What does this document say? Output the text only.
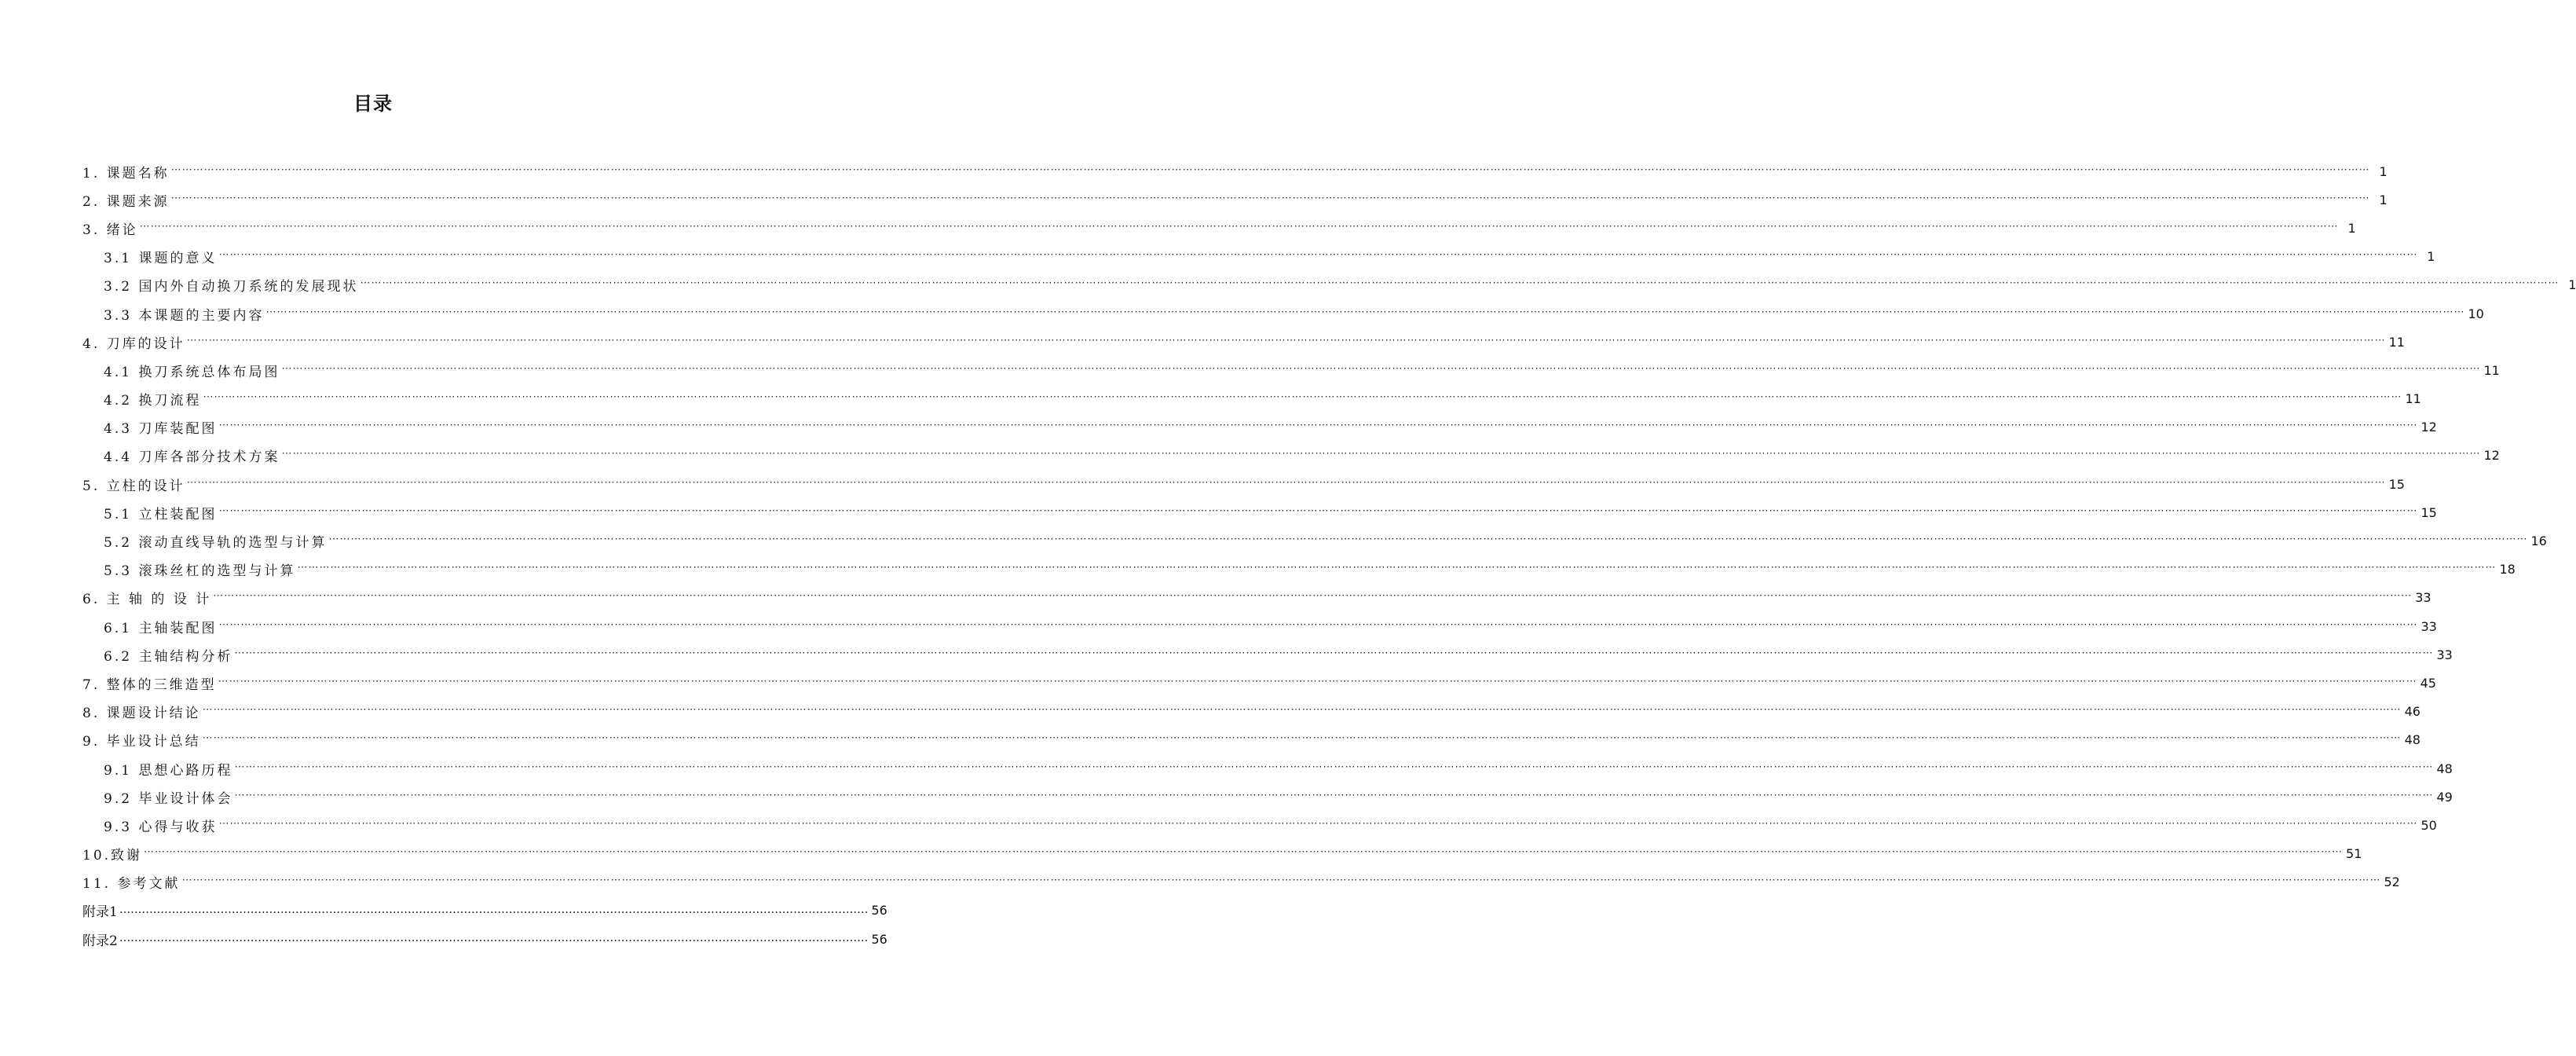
目录
1. 课题名称 ⋯⋯⋯⋯⋯⋯⋯⋯⋯⋯⋯⋯⋯⋯⋯⋯⋯⋯⋯⋯⋯⋯⋯⋯⋯⋯⋯⋯⋯⋯⋯⋯⋯⋯⋯⋯⋯⋯⋯⋯⋯⋯⋯⋯⋯⋯⋯⋯⋯⋯⋯⋯⋯⋯⋯⋯⋯⋯⋯⋯⋯⋯⋯⋯⋯⋯⋯⋯⋯⋯⋯⋯⋯⋯⋯⋯⋯⋯⋯⋯⋯⋯⋯⋯⋯⋯⋯⋯⋯⋯⋯⋯⋯⋯⋯⋯⋯⋯⋯⋯⋯⋯⋯⋯⋯⋯⋯⋯⋯⋯⋯⋯⋯⋯⋯⋯⋯⋯⋯⋯⋯⋯⋯⋯⋯⋯⋯⋯⋯⋯⋯⋯⋯⋯⋯⋯⋯⋯⋯⋯⋯⋯⋯⋯⋯⋯⋯⋯⋯⋯⋯⋯⋯⋯⋯⋯⋯⋯⋯⋯⋯⋯⋯⋯⋯⋯⋯⋯⋯⋯⋯⋯⋯⋯⋯⋯⋯⋯⋯⋯⋯⋯⋯⋯⋯⋯⋯⋯⋯⋯⋯⋯⋯⋯⋯⋯⋯⋯⋯⋯ 1
2. 课题来源 ⋯⋯⋯⋯⋯⋯⋯⋯⋯⋯⋯⋯⋯⋯⋯⋯⋯⋯⋯⋯⋯⋯⋯⋯⋯⋯⋯⋯⋯⋯⋯⋯⋯⋯⋯⋯⋯⋯⋯⋯⋯⋯⋯⋯⋯⋯⋯⋯⋯⋯⋯⋯⋯⋯⋯⋯⋯⋯⋯⋯⋯⋯⋯⋯⋯⋯⋯⋯⋯⋯⋯⋯⋯⋯⋯⋯⋯⋯⋯⋯⋯⋯⋯⋯⋯⋯⋯⋯⋯⋯⋯⋯⋯⋯⋯⋯⋯⋯⋯⋯⋯⋯⋯⋯⋯⋯⋯⋯⋯⋯⋯⋯⋯⋯⋯⋯⋯⋯⋯⋯⋯⋯⋯⋯⋯⋯⋯⋯⋯⋯⋯⋯⋯⋯⋯⋯⋯⋯⋯⋯⋯⋯⋯⋯⋯⋯⋯⋯⋯⋯⋯⋯⋯⋯⋯⋯⋯⋯⋯⋯⋯⋯⋯⋯⋯⋯⋯⋯⋯⋯⋯⋯⋯⋯⋯⋯⋯⋯⋯⋯⋯⋯⋯⋯⋯⋯⋯⋯⋯⋯⋯⋯⋯⋯⋯⋯⋯⋯⋯⋯ 1
3. 绪论 ⋯⋯⋯⋯⋯⋯⋯⋯⋯⋯⋯⋯⋯⋯⋯⋯⋯⋯⋯⋯⋯⋯⋯⋯⋯⋯⋯⋯⋯⋯⋯⋯⋯⋯⋯⋯⋯⋯⋯⋯⋯⋯⋯⋯⋯⋯⋯⋯⋯⋯⋯⋯⋯⋯⋯⋯⋯⋯⋯⋯⋯⋯⋯⋯⋯⋯⋯⋯⋯⋯⋯⋯⋯⋯⋯⋯⋯⋯⋯⋯⋯⋯⋯⋯⋯⋯⋯⋯⋯⋯⋯⋯⋯⋯⋯⋯⋯⋯⋯⋯⋯⋯⋯⋯⋯⋯⋯⋯⋯⋯⋯⋯⋯⋯⋯⋯⋯⋯⋯⋯⋯⋯⋯⋯⋯⋯⋯⋯⋯⋯⋯⋯⋯⋯⋯⋯⋯⋯⋯⋯⋯⋯⋯⋯⋯⋯⋯⋯⋯⋯⋯⋯⋯⋯⋯⋯⋯⋯⋯⋯⋯⋯⋯⋯⋯⋯⋯⋯⋯⋯⋯⋯⋯⋯⋯⋯⋯⋯⋯⋯⋯⋯⋯⋯⋯⋯⋯⋯⋯⋯⋯⋯⋯⋯⋯⋯⋯⋯⋯⋯ 1
3.1 课题的意义 ⋯⋯⋯⋯⋯⋯⋯⋯⋯⋯⋯⋯⋯⋯⋯⋯⋯⋯⋯⋯⋯⋯⋯⋯⋯⋯⋯⋯⋯⋯⋯⋯⋯⋯⋯⋯⋯⋯⋯⋯⋯⋯⋯⋯⋯⋯⋯⋯⋯⋯⋯⋯⋯⋯⋯⋯⋯⋯⋯⋯⋯⋯⋯⋯⋯⋯⋯⋯⋯⋯⋯⋯⋯⋯⋯⋯⋯⋯⋯⋯⋯⋯⋯⋯⋯⋯⋯⋯⋯⋯⋯⋯⋯⋯⋯⋯⋯⋯⋯⋯⋯⋯⋯⋯⋯⋯⋯⋯⋯⋯⋯⋯⋯⋯⋯⋯⋯⋯⋯⋯⋯⋯⋯⋯⋯⋯⋯⋯⋯⋯⋯⋯⋯⋯⋯⋯⋯⋯⋯⋯⋯⋯⋯⋯⋯⋯⋯⋯⋯⋯⋯⋯⋯⋯⋯⋯⋯⋯⋯⋯⋯⋯⋯⋯⋯⋯⋯⋯⋯⋯⋯⋯⋯⋯⋯⋯⋯⋯⋯⋯⋯⋯⋯⋯⋯⋯⋯⋯⋯⋯⋯⋯⋯⋯⋯⋯⋯⋯⋯⋯ 1
3.2 国内外自动换刀系统的发展现状 ⋯⋯⋯⋯⋯⋯⋯⋯⋯⋯⋯⋯⋯⋯⋯⋯⋯⋯⋯⋯⋯⋯⋯⋯⋯⋯⋯⋯⋯⋯⋯⋯⋯⋯⋯⋯⋯⋯⋯⋯⋯⋯⋯⋯⋯⋯⋯⋯⋯⋯⋯⋯⋯⋯⋯⋯⋯⋯⋯⋯⋯⋯⋯⋯⋯⋯⋯⋯⋯⋯⋯⋯⋯⋯⋯⋯⋯⋯⋯⋯⋯⋯⋯⋯⋯⋯⋯⋯⋯⋯⋯⋯⋯⋯⋯⋯⋯⋯⋯⋯⋯⋯⋯⋯⋯⋯⋯⋯⋯⋯⋯⋯⋯⋯⋯⋯⋯⋯⋯⋯⋯⋯⋯⋯⋯⋯⋯⋯⋯⋯⋯⋯⋯⋯⋯⋯⋯⋯⋯⋯⋯⋯⋯⋯⋯⋯⋯⋯⋯⋯⋯⋯⋯⋯⋯⋯⋯⋯⋯⋯⋯⋯⋯⋯⋯⋯⋯⋯⋯⋯⋯⋯⋯⋯⋯⋯⋯⋯⋯⋯⋯⋯⋯⋯⋯⋯⋯⋯⋯⋯⋯⋯⋯⋯⋯⋯⋯⋯⋯⋯ 1
3.3 本课题的主要内容 ⋯⋯⋯⋯⋯⋯⋯⋯⋯⋯⋯⋯⋯⋯⋯⋯⋯⋯⋯⋯⋯⋯⋯⋯⋯⋯⋯⋯⋯⋯⋯⋯⋯⋯⋯⋯⋯⋯⋯⋯⋯⋯⋯⋯⋯⋯⋯⋯⋯⋯⋯⋯⋯⋯⋯⋯⋯⋯⋯⋯⋯⋯⋯⋯⋯⋯⋯⋯⋯⋯⋯⋯⋯⋯⋯⋯⋯⋯⋯⋯⋯⋯⋯⋯⋯⋯⋯⋯⋯⋯⋯⋯⋯⋯⋯⋯⋯⋯⋯⋯⋯⋯⋯⋯⋯⋯⋯⋯⋯⋯⋯⋯⋯⋯⋯⋯⋯⋯⋯⋯⋯⋯⋯⋯⋯⋯⋯⋯⋯⋯⋯⋯⋯⋯⋯⋯⋯⋯⋯⋯⋯⋯⋯⋯⋯⋯⋯⋯⋯⋯⋯⋯⋯⋯⋯⋯⋯⋯⋯⋯⋯⋯⋯⋯⋯⋯⋯⋯⋯⋯⋯⋯⋯⋯⋯⋯⋯⋯⋯⋯⋯⋯⋯⋯⋯⋯⋯⋯⋯⋯⋯⋯⋯⋯⋯⋯⋯⋯⋯⋯ 10
4. 刀库的设计 ⋯⋯⋯⋯⋯⋯⋯⋯⋯⋯⋯⋯⋯⋯⋯⋯⋯⋯⋯⋯⋯⋯⋯⋯⋯⋯⋯⋯⋯⋯⋯⋯⋯⋯⋯⋯⋯⋯⋯⋯⋯⋯⋯⋯⋯⋯⋯⋯⋯⋯⋯⋯⋯⋯⋯⋯⋯⋯⋯⋯⋯⋯⋯⋯⋯⋯⋯⋯⋯⋯⋯⋯⋯⋯⋯⋯⋯⋯⋯⋯⋯⋯⋯⋯⋯⋯⋯⋯⋯⋯⋯⋯⋯⋯⋯⋯⋯⋯⋯⋯⋯⋯⋯⋯⋯⋯⋯⋯⋯⋯⋯⋯⋯⋯⋯⋯⋯⋯⋯⋯⋯⋯⋯⋯⋯⋯⋯⋯⋯⋯⋯⋯⋯⋯⋯⋯⋯⋯⋯⋯⋯⋯⋯⋯⋯⋯⋯⋯⋯⋯⋯⋯⋯⋯⋯⋯⋯⋯⋯⋯⋯⋯⋯⋯⋯⋯⋯⋯⋯⋯⋯⋯⋯⋯⋯⋯⋯⋯⋯⋯⋯⋯⋯⋯⋯⋯⋯⋯⋯⋯⋯⋯⋯⋯⋯⋯⋯⋯⋯⋯ 11
4.1 换刀系统总体布局图 ⋯⋯⋯⋯⋯⋯⋯⋯⋯⋯⋯⋯⋯⋯⋯⋯⋯⋯⋯⋯⋯⋯⋯⋯⋯⋯⋯⋯⋯⋯⋯⋯⋯⋯⋯⋯⋯⋯⋯⋯⋯⋯⋯⋯⋯⋯⋯⋯⋯⋯⋯⋯⋯⋯⋯⋯⋯⋯⋯⋯⋯⋯⋯⋯⋯⋯⋯⋯⋯⋯⋯⋯⋯⋯⋯⋯⋯⋯⋯⋯⋯⋯⋯⋯⋯⋯⋯⋯⋯⋯⋯⋯⋯⋯⋯⋯⋯⋯⋯⋯⋯⋯⋯⋯⋯⋯⋯⋯⋯⋯⋯⋯⋯⋯⋯⋯⋯⋯⋯⋯⋯⋯⋯⋯⋯⋯⋯⋯⋯⋯⋯⋯⋯⋯⋯⋯⋯⋯⋯⋯⋯⋯⋯⋯⋯⋯⋯⋯⋯⋯⋯⋯⋯⋯⋯⋯⋯⋯⋯⋯⋯⋯⋯⋯⋯⋯⋯⋯⋯⋯⋯⋯⋯⋯⋯⋯⋯⋯⋯⋯⋯⋯⋯⋯⋯⋯⋯⋯⋯⋯⋯⋯⋯⋯⋯⋯⋯⋯⋯⋯ 11
4.2 换刀流程 ⋯⋯⋯⋯⋯⋯⋯⋯⋯⋯⋯⋯⋯⋯⋯⋯⋯⋯⋯⋯⋯⋯⋯⋯⋯⋯⋯⋯⋯⋯⋯⋯⋯⋯⋯⋯⋯⋯⋯⋯⋯⋯⋯⋯⋯⋯⋯⋯⋯⋯⋯⋯⋯⋯⋯⋯⋯⋯⋯⋯⋯⋯⋯⋯⋯⋯⋯⋯⋯⋯⋯⋯⋯⋯⋯⋯⋯⋯⋯⋯⋯⋯⋯⋯⋯⋯⋯⋯⋯⋯⋯⋯⋯⋯⋯⋯⋯⋯⋯⋯⋯⋯⋯⋯⋯⋯⋯⋯⋯⋯⋯⋯⋯⋯⋯⋯⋯⋯⋯⋯⋯⋯⋯⋯⋯⋯⋯⋯⋯⋯⋯⋯⋯⋯⋯⋯⋯⋯⋯⋯⋯⋯⋯⋯⋯⋯⋯⋯⋯⋯⋯⋯⋯⋯⋯⋯⋯⋯⋯⋯⋯⋯⋯⋯⋯⋯⋯⋯⋯⋯⋯⋯⋯⋯⋯⋯⋯⋯⋯⋯⋯⋯⋯⋯⋯⋯⋯⋯⋯⋯⋯⋯⋯⋯⋯⋯⋯⋯⋯⋯ 11
4.3 刀库装配图 ⋯⋯⋯⋯⋯⋯⋯⋯⋯⋯⋯⋯⋯⋯⋯⋯⋯⋯⋯⋯⋯⋯⋯⋯⋯⋯⋯⋯⋯⋯⋯⋯⋯⋯⋯⋯⋯⋯⋯⋯⋯⋯⋯⋯⋯⋯⋯⋯⋯⋯⋯⋯⋯⋯⋯⋯⋯⋯⋯⋯⋯⋯⋯⋯⋯⋯⋯⋯⋯⋯⋯⋯⋯⋯⋯⋯⋯⋯⋯⋯⋯⋯⋯⋯⋯⋯⋯⋯⋯⋯⋯⋯⋯⋯⋯⋯⋯⋯⋯⋯⋯⋯⋯⋯⋯⋯⋯⋯⋯⋯⋯⋯⋯⋯⋯⋯⋯⋯⋯⋯⋯⋯⋯⋯⋯⋯⋯⋯⋯⋯⋯⋯⋯⋯⋯⋯⋯⋯⋯⋯⋯⋯⋯⋯⋯⋯⋯⋯⋯⋯⋯⋯⋯⋯⋯⋯⋯⋯⋯⋯⋯⋯⋯⋯⋯⋯⋯⋯⋯⋯⋯⋯⋯⋯⋯⋯⋯⋯⋯⋯⋯⋯⋯⋯⋯⋯⋯⋯⋯⋯⋯⋯⋯⋯⋯⋯⋯⋯⋯⋯ 12
4.4 刀库各部分技术方案 ⋯⋯⋯⋯⋯⋯⋯⋯⋯⋯⋯⋯⋯⋯⋯⋯⋯⋯⋯⋯⋯⋯⋯⋯⋯⋯⋯⋯⋯⋯⋯⋯⋯⋯⋯⋯⋯⋯⋯⋯⋯⋯⋯⋯⋯⋯⋯⋯⋯⋯⋯⋯⋯⋯⋯⋯⋯⋯⋯⋯⋯⋯⋯⋯⋯⋯⋯⋯⋯⋯⋯⋯⋯⋯⋯⋯⋯⋯⋯⋯⋯⋯⋯⋯⋯⋯⋯⋯⋯⋯⋯⋯⋯⋯⋯⋯⋯⋯⋯⋯⋯⋯⋯⋯⋯⋯⋯⋯⋯⋯⋯⋯⋯⋯⋯⋯⋯⋯⋯⋯⋯⋯⋯⋯⋯⋯⋯⋯⋯⋯⋯⋯⋯⋯⋯⋯⋯⋯⋯⋯⋯⋯⋯⋯⋯⋯⋯⋯⋯⋯⋯⋯⋯⋯⋯⋯⋯⋯⋯⋯⋯⋯⋯⋯⋯⋯⋯⋯⋯⋯⋯⋯⋯⋯⋯⋯⋯⋯⋯⋯⋯⋯⋯⋯⋯⋯⋯⋯⋯⋯⋯⋯⋯⋯⋯⋯⋯⋯⋯⋯ 12
5. 立柱的设计 ⋯⋯⋯⋯⋯⋯⋯⋯⋯⋯⋯⋯⋯⋯⋯⋯⋯⋯⋯⋯⋯⋯⋯⋯⋯⋯⋯⋯⋯⋯⋯⋯⋯⋯⋯⋯⋯⋯⋯⋯⋯⋯⋯⋯⋯⋯⋯⋯⋯⋯⋯⋯⋯⋯⋯⋯⋯⋯⋯⋯⋯⋯⋯⋯⋯⋯⋯⋯⋯⋯⋯⋯⋯⋯⋯⋯⋯⋯⋯⋯⋯⋯⋯⋯⋯⋯⋯⋯⋯⋯⋯⋯⋯⋯⋯⋯⋯⋯⋯⋯⋯⋯⋯⋯⋯⋯⋯⋯⋯⋯⋯⋯⋯⋯⋯⋯⋯⋯⋯⋯⋯⋯⋯⋯⋯⋯⋯⋯⋯⋯⋯⋯⋯⋯⋯⋯⋯⋯⋯⋯⋯⋯⋯⋯⋯⋯⋯⋯⋯⋯⋯⋯⋯⋯⋯⋯⋯⋯⋯⋯⋯⋯⋯⋯⋯⋯⋯⋯⋯⋯⋯⋯⋯⋯⋯⋯⋯⋯⋯⋯⋯⋯⋯⋯⋯⋯⋯⋯⋯⋯⋯⋯⋯⋯⋯⋯⋯⋯⋯⋯ 15
5.1 立柱装配图 ⋯⋯⋯⋯⋯⋯⋯⋯⋯⋯⋯⋯⋯⋯⋯⋯⋯⋯⋯⋯⋯⋯⋯⋯⋯⋯⋯⋯⋯⋯⋯⋯⋯⋯⋯⋯⋯⋯⋯⋯⋯⋯⋯⋯⋯⋯⋯⋯⋯⋯⋯⋯⋯⋯⋯⋯⋯⋯⋯⋯⋯⋯⋯⋯⋯⋯⋯⋯⋯⋯⋯⋯⋯⋯⋯⋯⋯⋯⋯⋯⋯⋯⋯⋯⋯⋯⋯⋯⋯⋯⋯⋯⋯⋯⋯⋯⋯⋯⋯⋯⋯⋯⋯⋯⋯⋯⋯⋯⋯⋯⋯⋯⋯⋯⋯⋯⋯⋯⋯⋯⋯⋯⋯⋯⋯⋯⋯⋯⋯⋯⋯⋯⋯⋯⋯⋯⋯⋯⋯⋯⋯⋯⋯⋯⋯⋯⋯⋯⋯⋯⋯⋯⋯⋯⋯⋯⋯⋯⋯⋯⋯⋯⋯⋯⋯⋯⋯⋯⋯⋯⋯⋯⋯⋯⋯⋯⋯⋯⋯⋯⋯⋯⋯⋯⋯⋯⋯⋯⋯⋯⋯⋯⋯⋯⋯⋯⋯⋯⋯⋯ 15
5.2 滚动直线导轨的选型与计算 ⋯⋯⋯⋯⋯⋯⋯⋯⋯⋯⋯⋯⋯⋯⋯⋯⋯⋯⋯⋯⋯⋯⋯⋯⋯⋯⋯⋯⋯⋯⋯⋯⋯⋯⋯⋯⋯⋯⋯⋯⋯⋯⋯⋯⋯⋯⋯⋯⋯⋯⋯⋯⋯⋯⋯⋯⋯⋯⋯⋯⋯⋯⋯⋯⋯⋯⋯⋯⋯⋯⋯⋯⋯⋯⋯⋯⋯⋯⋯⋯⋯⋯⋯⋯⋯⋯⋯⋯⋯⋯⋯⋯⋯⋯⋯⋯⋯⋯⋯⋯⋯⋯⋯⋯⋯⋯⋯⋯⋯⋯⋯⋯⋯⋯⋯⋯⋯⋯⋯⋯⋯⋯⋯⋯⋯⋯⋯⋯⋯⋯⋯⋯⋯⋯⋯⋯⋯⋯⋯⋯⋯⋯⋯⋯⋯⋯⋯⋯⋯⋯⋯⋯⋯⋯⋯⋯⋯⋯⋯⋯⋯⋯⋯⋯⋯⋯⋯⋯⋯⋯⋯⋯⋯⋯⋯⋯⋯⋯⋯⋯⋯⋯⋯⋯⋯⋯⋯⋯⋯⋯⋯⋯⋯⋯⋯⋯⋯⋯⋯⋯ 16
5.3 滚珠丝杠的选型与计算 ⋯⋯⋯⋯⋯⋯⋯⋯⋯⋯⋯⋯⋯⋯⋯⋯⋯⋯⋯⋯⋯⋯⋯⋯⋯⋯⋯⋯⋯⋯⋯⋯⋯⋯⋯⋯⋯⋯⋯⋯⋯⋯⋯⋯⋯⋯⋯⋯⋯⋯⋯⋯⋯⋯⋯⋯⋯⋯⋯⋯⋯⋯⋯⋯⋯⋯⋯⋯⋯⋯⋯⋯⋯⋯⋯⋯⋯⋯⋯⋯⋯⋯⋯⋯⋯⋯⋯⋯⋯⋯⋯⋯⋯⋯⋯⋯⋯⋯⋯⋯⋯⋯⋯⋯⋯⋯⋯⋯⋯⋯⋯⋯⋯⋯⋯⋯⋯⋯⋯⋯⋯⋯⋯⋯⋯⋯⋯⋯⋯⋯⋯⋯⋯⋯⋯⋯⋯⋯⋯⋯⋯⋯⋯⋯⋯⋯⋯⋯⋯⋯⋯⋯⋯⋯⋯⋯⋯⋯⋯⋯⋯⋯⋯⋯⋯⋯⋯⋯⋯⋯⋯⋯⋯⋯⋯⋯⋯⋯⋯⋯⋯⋯⋯⋯⋯⋯⋯⋯⋯⋯⋯⋯⋯⋯⋯⋯⋯⋯⋯⋯ 18
6. 主 轴 的 设 计 ⋯⋯⋯⋯⋯⋯⋯⋯⋯⋯⋯⋯⋯⋯⋯⋯⋯⋯⋯⋯⋯⋯⋯⋯⋯⋯⋯⋯⋯⋯⋯⋯⋯⋯⋯⋯⋯⋯⋯⋯⋯⋯⋯⋯⋯⋯⋯⋯⋯⋯⋯⋯⋯⋯⋯⋯⋯⋯⋯⋯⋯⋯⋯⋯⋯⋯⋯⋯⋯⋯⋯⋯⋯⋯⋯⋯⋯⋯⋯⋯⋯⋯⋯⋯⋯⋯⋯⋯⋯⋯⋯⋯⋯⋯⋯⋯⋯⋯⋯⋯⋯⋯⋯⋯⋯⋯⋯⋯⋯⋯⋯⋯⋯⋯⋯⋯⋯⋯⋯⋯⋯⋯⋯⋯⋯⋯⋯⋯⋯⋯⋯⋯⋯⋯⋯⋯⋯⋯⋯⋯⋯⋯⋯⋯⋯⋯⋯⋯⋯⋯⋯⋯⋯⋯⋯⋯⋯⋯⋯⋯⋯⋯⋯⋯⋯⋯⋯⋯⋯⋯⋯⋯⋯⋯⋯⋯⋯⋯⋯⋯⋯⋯⋯⋯⋯⋯⋯⋯⋯⋯⋯⋯⋯⋯⋯⋯⋯⋯⋯⋯ 33
6.1 主轴装配图 ⋯⋯⋯⋯⋯⋯⋯⋯⋯⋯⋯⋯⋯⋯⋯⋯⋯⋯⋯⋯⋯⋯⋯⋯⋯⋯⋯⋯⋯⋯⋯⋯⋯⋯⋯⋯⋯⋯⋯⋯⋯⋯⋯⋯⋯⋯⋯⋯⋯⋯⋯⋯⋯⋯⋯⋯⋯⋯⋯⋯⋯⋯⋯⋯⋯⋯⋯⋯⋯⋯⋯⋯⋯⋯⋯⋯⋯⋯⋯⋯⋯⋯⋯⋯⋯⋯⋯⋯⋯⋯⋯⋯⋯⋯⋯⋯⋯⋯⋯⋯⋯⋯⋯⋯⋯⋯⋯⋯⋯⋯⋯⋯⋯⋯⋯⋯⋯⋯⋯⋯⋯⋯⋯⋯⋯⋯⋯⋯⋯⋯⋯⋯⋯⋯⋯⋯⋯⋯⋯⋯⋯⋯⋯⋯⋯⋯⋯⋯⋯⋯⋯⋯⋯⋯⋯⋯⋯⋯⋯⋯⋯⋯⋯⋯⋯⋯⋯⋯⋯⋯⋯⋯⋯⋯⋯⋯⋯⋯⋯⋯⋯⋯⋯⋯⋯⋯⋯⋯⋯⋯⋯⋯⋯⋯⋯⋯⋯⋯⋯⋯ 33
6.2 主轴结构分析 ⋯⋯⋯⋯⋯⋯⋯⋯⋯⋯⋯⋯⋯⋯⋯⋯⋯⋯⋯⋯⋯⋯⋯⋯⋯⋯⋯⋯⋯⋯⋯⋯⋯⋯⋯⋯⋯⋯⋯⋯⋯⋯⋯⋯⋯⋯⋯⋯⋯⋯⋯⋯⋯⋯⋯⋯⋯⋯⋯⋯⋯⋯⋯⋯⋯⋯⋯⋯⋯⋯⋯⋯⋯⋯⋯⋯⋯⋯⋯⋯⋯⋯⋯⋯⋯⋯⋯⋯⋯⋯⋯⋯⋯⋯⋯⋯⋯⋯⋯⋯⋯⋯⋯⋯⋯⋯⋯⋯⋯⋯⋯⋯⋯⋯⋯⋯⋯⋯⋯⋯⋯⋯⋯⋯⋯⋯⋯⋯⋯⋯⋯⋯⋯⋯⋯⋯⋯⋯⋯⋯⋯⋯⋯⋯⋯⋯⋯⋯⋯⋯⋯⋯⋯⋯⋯⋯⋯⋯⋯⋯⋯⋯⋯⋯⋯⋯⋯⋯⋯⋯⋯⋯⋯⋯⋯⋯⋯⋯⋯⋯⋯⋯⋯⋯⋯⋯⋯⋯⋯⋯⋯⋯⋯⋯⋯⋯⋯⋯⋯⋯ 33
7. 整体的三维造型 ⋯⋯⋯⋯⋯⋯⋯⋯⋯⋯⋯⋯⋯⋯⋯⋯⋯⋯⋯⋯⋯⋯⋯⋯⋯⋯⋯⋯⋯⋯⋯⋯⋯⋯⋯⋯⋯⋯⋯⋯⋯⋯⋯⋯⋯⋯⋯⋯⋯⋯⋯⋯⋯⋯⋯⋯⋯⋯⋯⋯⋯⋯⋯⋯⋯⋯⋯⋯⋯⋯⋯⋯⋯⋯⋯⋯⋯⋯⋯⋯⋯⋯⋯⋯⋯⋯⋯⋯⋯⋯⋯⋯⋯⋯⋯⋯⋯⋯⋯⋯⋯⋯⋯⋯⋯⋯⋯⋯⋯⋯⋯⋯⋯⋯⋯⋯⋯⋯⋯⋯⋯⋯⋯⋯⋯⋯⋯⋯⋯⋯⋯⋯⋯⋯⋯⋯⋯⋯⋯⋯⋯⋯⋯⋯⋯⋯⋯⋯⋯⋯⋯⋯⋯⋯⋯⋯⋯⋯⋯⋯⋯⋯⋯⋯⋯⋯⋯⋯⋯⋯⋯⋯⋯⋯⋯⋯⋯⋯⋯⋯⋯⋯⋯⋯⋯⋯⋯⋯⋯⋯⋯⋯⋯⋯⋯⋯⋯⋯⋯⋯ 45
8. 课题设计结论 ⋯⋯⋯⋯⋯⋯⋯⋯⋯⋯⋯⋯⋯⋯⋯⋯⋯⋯⋯⋯⋯⋯⋯⋯⋯⋯⋯⋯⋯⋯⋯⋯⋯⋯⋯⋯⋯⋯⋯⋯⋯⋯⋯⋯⋯⋯⋯⋯⋯⋯⋯⋯⋯⋯⋯⋯⋯⋯⋯⋯⋯⋯⋯⋯⋯⋯⋯⋯⋯⋯⋯⋯⋯⋯⋯⋯⋯⋯⋯⋯⋯⋯⋯⋯⋯⋯⋯⋯⋯⋯⋯⋯⋯⋯⋯⋯⋯⋯⋯⋯⋯⋯⋯⋯⋯⋯⋯⋯⋯⋯⋯⋯⋯⋯⋯⋯⋯⋯⋯⋯⋯⋯⋯⋯⋯⋯⋯⋯⋯⋯⋯⋯⋯⋯⋯⋯⋯⋯⋯⋯⋯⋯⋯⋯⋯⋯⋯⋯⋯⋯⋯⋯⋯⋯⋯⋯⋯⋯⋯⋯⋯⋯⋯⋯⋯⋯⋯⋯⋯⋯⋯⋯⋯⋯⋯⋯⋯⋯⋯⋯⋯⋯⋯⋯⋯⋯⋯⋯⋯⋯⋯⋯⋯⋯⋯⋯⋯⋯⋯⋯ 46
9. 毕业设计总结 ⋯⋯⋯⋯⋯⋯⋯⋯⋯⋯⋯⋯⋯⋯⋯⋯⋯⋯⋯⋯⋯⋯⋯⋯⋯⋯⋯⋯⋯⋯⋯⋯⋯⋯⋯⋯⋯⋯⋯⋯⋯⋯⋯⋯⋯⋯⋯⋯⋯⋯⋯⋯⋯⋯⋯⋯⋯⋯⋯⋯⋯⋯⋯⋯⋯⋯⋯⋯⋯⋯⋯⋯⋯⋯⋯⋯⋯⋯⋯⋯⋯⋯⋯⋯⋯⋯⋯⋯⋯⋯⋯⋯⋯⋯⋯⋯⋯⋯⋯⋯⋯⋯⋯⋯⋯⋯⋯⋯⋯⋯⋯⋯⋯⋯⋯⋯⋯⋯⋯⋯⋯⋯⋯⋯⋯⋯⋯⋯⋯⋯⋯⋯⋯⋯⋯⋯⋯⋯⋯⋯⋯⋯⋯⋯⋯⋯⋯⋯⋯⋯⋯⋯⋯⋯⋯⋯⋯⋯⋯⋯⋯⋯⋯⋯⋯⋯⋯⋯⋯⋯⋯⋯⋯⋯⋯⋯⋯⋯⋯⋯⋯⋯⋯⋯⋯⋯⋯⋯⋯⋯⋯⋯⋯⋯⋯⋯⋯⋯⋯⋯ 48
9.1 思想心路历程 ⋯⋯⋯⋯⋯⋯⋯⋯⋯⋯⋯⋯⋯⋯⋯⋯⋯⋯⋯⋯⋯⋯⋯⋯⋯⋯⋯⋯⋯⋯⋯⋯⋯⋯⋯⋯⋯⋯⋯⋯⋯⋯⋯⋯⋯⋯⋯⋯⋯⋯⋯⋯⋯⋯⋯⋯⋯⋯⋯⋯⋯⋯⋯⋯⋯⋯⋯⋯⋯⋯⋯⋯⋯⋯⋯⋯⋯⋯⋯⋯⋯⋯⋯⋯⋯⋯⋯⋯⋯⋯⋯⋯⋯⋯⋯⋯⋯⋯⋯⋯⋯⋯⋯⋯⋯⋯⋯⋯⋯⋯⋯⋯⋯⋯⋯⋯⋯⋯⋯⋯⋯⋯⋯⋯⋯⋯⋯⋯⋯⋯⋯⋯⋯⋯⋯⋯⋯⋯⋯⋯⋯⋯⋯⋯⋯⋯⋯⋯⋯⋯⋯⋯⋯⋯⋯⋯⋯⋯⋯⋯⋯⋯⋯⋯⋯⋯⋯⋯⋯⋯⋯⋯⋯⋯⋯⋯⋯⋯⋯⋯⋯⋯⋯⋯⋯⋯⋯⋯⋯⋯⋯⋯⋯⋯⋯⋯⋯⋯⋯⋯ 48
9.2 毕业设计体会 ⋯⋯⋯⋯⋯⋯⋯⋯⋯⋯⋯⋯⋯⋯⋯⋯⋯⋯⋯⋯⋯⋯⋯⋯⋯⋯⋯⋯⋯⋯⋯⋯⋯⋯⋯⋯⋯⋯⋯⋯⋯⋯⋯⋯⋯⋯⋯⋯⋯⋯⋯⋯⋯⋯⋯⋯⋯⋯⋯⋯⋯⋯⋯⋯⋯⋯⋯⋯⋯⋯⋯⋯⋯⋯⋯⋯⋯⋯⋯⋯⋯⋯⋯⋯⋯⋯⋯⋯⋯⋯⋯⋯⋯⋯⋯⋯⋯⋯⋯⋯⋯⋯⋯⋯⋯⋯⋯⋯⋯⋯⋯⋯⋯⋯⋯⋯⋯⋯⋯⋯⋯⋯⋯⋯⋯⋯⋯⋯⋯⋯⋯⋯⋯⋯⋯⋯⋯⋯⋯⋯⋯⋯⋯⋯⋯⋯⋯⋯⋯⋯⋯⋯⋯⋯⋯⋯⋯⋯⋯⋯⋯⋯⋯⋯⋯⋯⋯⋯⋯⋯⋯⋯⋯⋯⋯⋯⋯⋯⋯⋯⋯⋯⋯⋯⋯⋯⋯⋯⋯⋯⋯⋯⋯⋯⋯⋯⋯⋯⋯⋯ 49
9.3 心得与收获 ⋯⋯⋯⋯⋯⋯⋯⋯⋯⋯⋯⋯⋯⋯⋯⋯⋯⋯⋯⋯⋯⋯⋯⋯⋯⋯⋯⋯⋯⋯⋯⋯⋯⋯⋯⋯⋯⋯⋯⋯⋯⋯⋯⋯⋯⋯⋯⋯⋯⋯⋯⋯⋯⋯⋯⋯⋯⋯⋯⋯⋯⋯⋯⋯⋯⋯⋯⋯⋯⋯⋯⋯⋯⋯⋯⋯⋯⋯⋯⋯⋯⋯⋯⋯⋯⋯⋯⋯⋯⋯⋯⋯⋯⋯⋯⋯⋯⋯⋯⋯⋯⋯⋯⋯⋯⋯⋯⋯⋯⋯⋯⋯⋯⋯⋯⋯⋯⋯⋯⋯⋯⋯⋯⋯⋯⋯⋯⋯⋯⋯⋯⋯⋯⋯⋯⋯⋯⋯⋯⋯⋯⋯⋯⋯⋯⋯⋯⋯⋯⋯⋯⋯⋯⋯⋯⋯⋯⋯⋯⋯⋯⋯⋯⋯⋯⋯⋯⋯⋯⋯⋯⋯⋯⋯⋯⋯⋯⋯⋯⋯⋯⋯⋯⋯⋯⋯⋯⋯⋯⋯⋯⋯⋯⋯⋯⋯⋯⋯⋯⋯ 50
10.致谢 ⋯⋯⋯⋯⋯⋯⋯⋯⋯⋯⋯⋯⋯⋯⋯⋯⋯⋯⋯⋯⋯⋯⋯⋯⋯⋯⋯⋯⋯⋯⋯⋯⋯⋯⋯⋯⋯⋯⋯⋯⋯⋯⋯⋯⋯⋯⋯⋯⋯⋯⋯⋯⋯⋯⋯⋯⋯⋯⋯⋯⋯⋯⋯⋯⋯⋯⋯⋯⋯⋯⋯⋯⋯⋯⋯⋯⋯⋯⋯⋯⋯⋯⋯⋯⋯⋯⋯⋯⋯⋯⋯⋯⋯⋯⋯⋯⋯⋯⋯⋯⋯⋯⋯⋯⋯⋯⋯⋯⋯⋯⋯⋯⋯⋯⋯⋯⋯⋯⋯⋯⋯⋯⋯⋯⋯⋯⋯⋯⋯⋯⋯⋯⋯⋯⋯⋯⋯⋯⋯⋯⋯⋯⋯⋯⋯⋯⋯⋯⋯⋯⋯⋯⋯⋯⋯⋯⋯⋯⋯⋯⋯⋯⋯⋯⋯⋯⋯⋯⋯⋯⋯⋯⋯⋯⋯⋯⋯⋯⋯⋯⋯⋯⋯⋯⋯⋯⋯⋯⋯⋯⋯⋯⋯⋯⋯⋯⋯⋯⋯⋯ 51
11. 参考文献 ⋯⋯⋯⋯⋯⋯⋯⋯⋯⋯⋯⋯⋯⋯⋯⋯⋯⋯⋯⋯⋯⋯⋯⋯⋯⋯⋯⋯⋯⋯⋯⋯⋯⋯⋯⋯⋯⋯⋯⋯⋯⋯⋯⋯⋯⋯⋯⋯⋯⋯⋯⋯⋯⋯⋯⋯⋯⋯⋯⋯⋯⋯⋯⋯⋯⋯⋯⋯⋯⋯⋯⋯⋯⋯⋯⋯⋯⋯⋯⋯⋯⋯⋯⋯⋯⋯⋯⋯⋯⋯⋯⋯⋯⋯⋯⋯⋯⋯⋯⋯⋯⋯⋯⋯⋯⋯⋯⋯⋯⋯⋯⋯⋯⋯⋯⋯⋯⋯⋯⋯⋯⋯⋯⋯⋯⋯⋯⋯⋯⋯⋯⋯⋯⋯⋯⋯⋯⋯⋯⋯⋯⋯⋯⋯⋯⋯⋯⋯⋯⋯⋯⋯⋯⋯⋯⋯⋯⋯⋯⋯⋯⋯⋯⋯⋯⋯⋯⋯⋯⋯⋯⋯⋯⋯⋯⋯⋯⋯⋯⋯⋯⋯⋯⋯⋯⋯⋯⋯⋯⋯⋯⋯⋯⋯⋯⋯⋯⋯⋯⋯ 52
附录1 ........................................................................................................................................................................................................ 56
附录2 ........................................................................................................................................................................................................ 56
